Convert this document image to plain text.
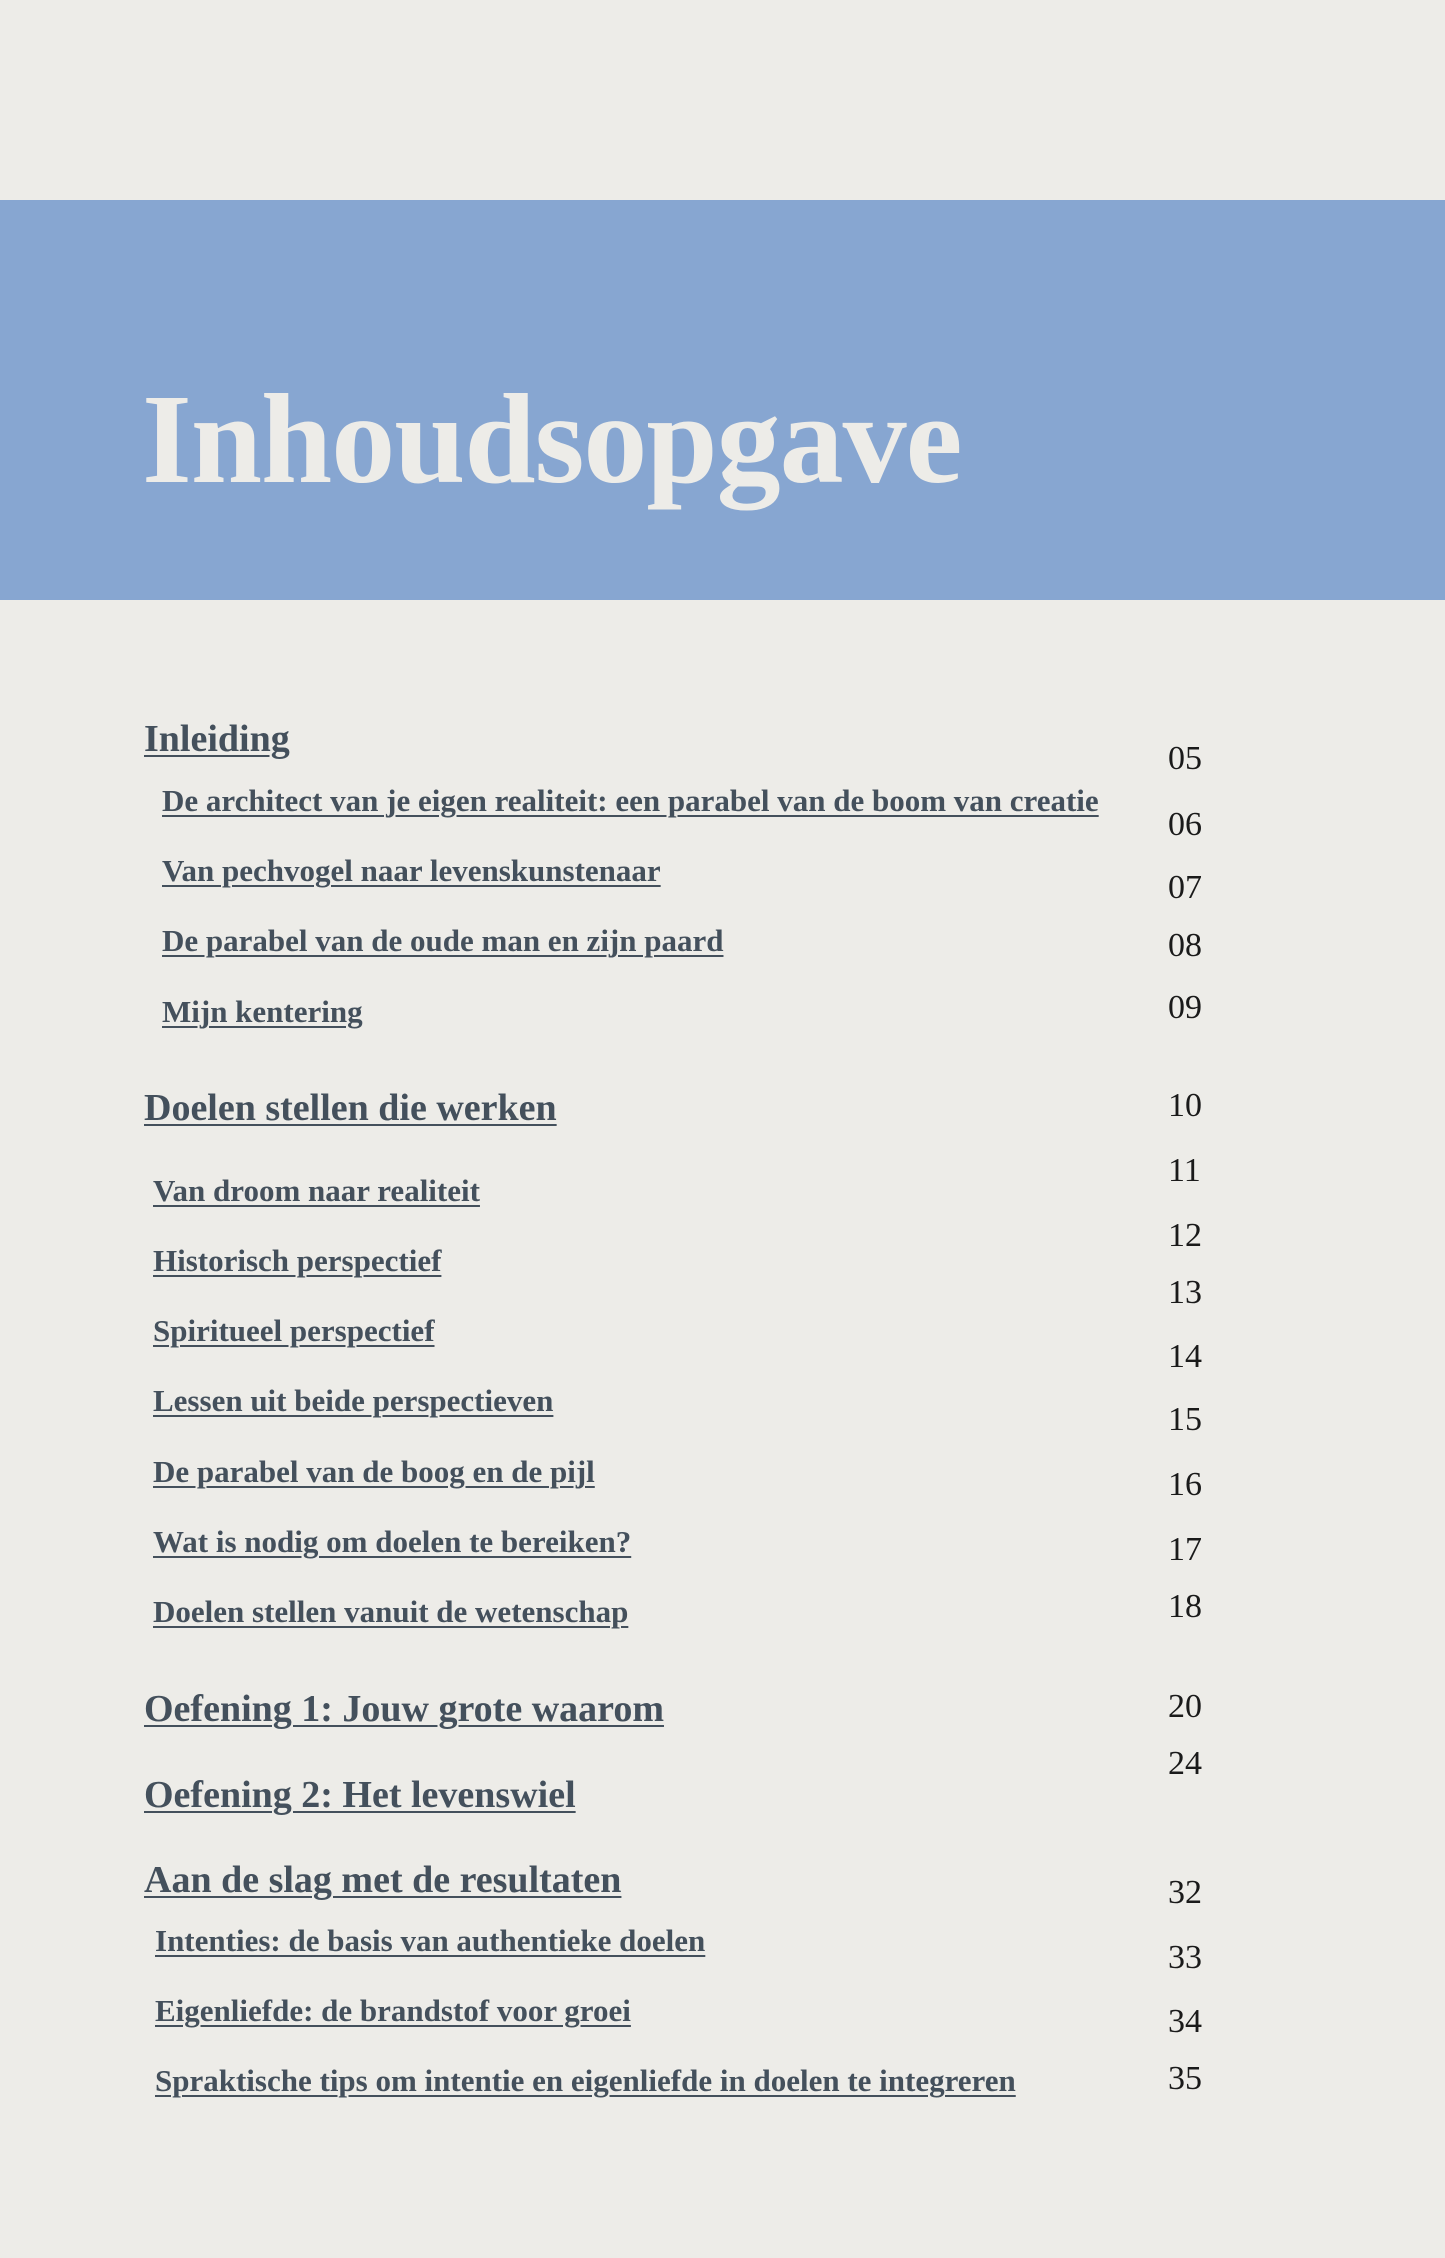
Inhoudsopgave
Inleiding
De architect van je eigen realiteit: een parabel van de boom van creatie
Van pechvogel naar levenskunstenaar
De parabel van de oude man en zijn paard
Mijn kentering
Doelen stellen die werken
Van droom naar realiteit
Historisch perspectief
Spiritueel perspectief
Lessen uit beide perspectieven
De parabel van de boog en de pijl
Wat is nodig om doelen te bereiken?
Doelen stellen vanuit de wetenschap
Oefening 1: Jouw grote waarom
Oefening 2: Het levenswiel
Aan de slag met de resultaten
Intenties: de basis van authentieke doelen
Eigenliefde: de brandstof voor groei
Spraktische tips om intentie en eigenliefde in doelen te integreren
05
06
07
08
09
10
11
12
13
14
15
16
17
18
20
24
32
33
34
35
